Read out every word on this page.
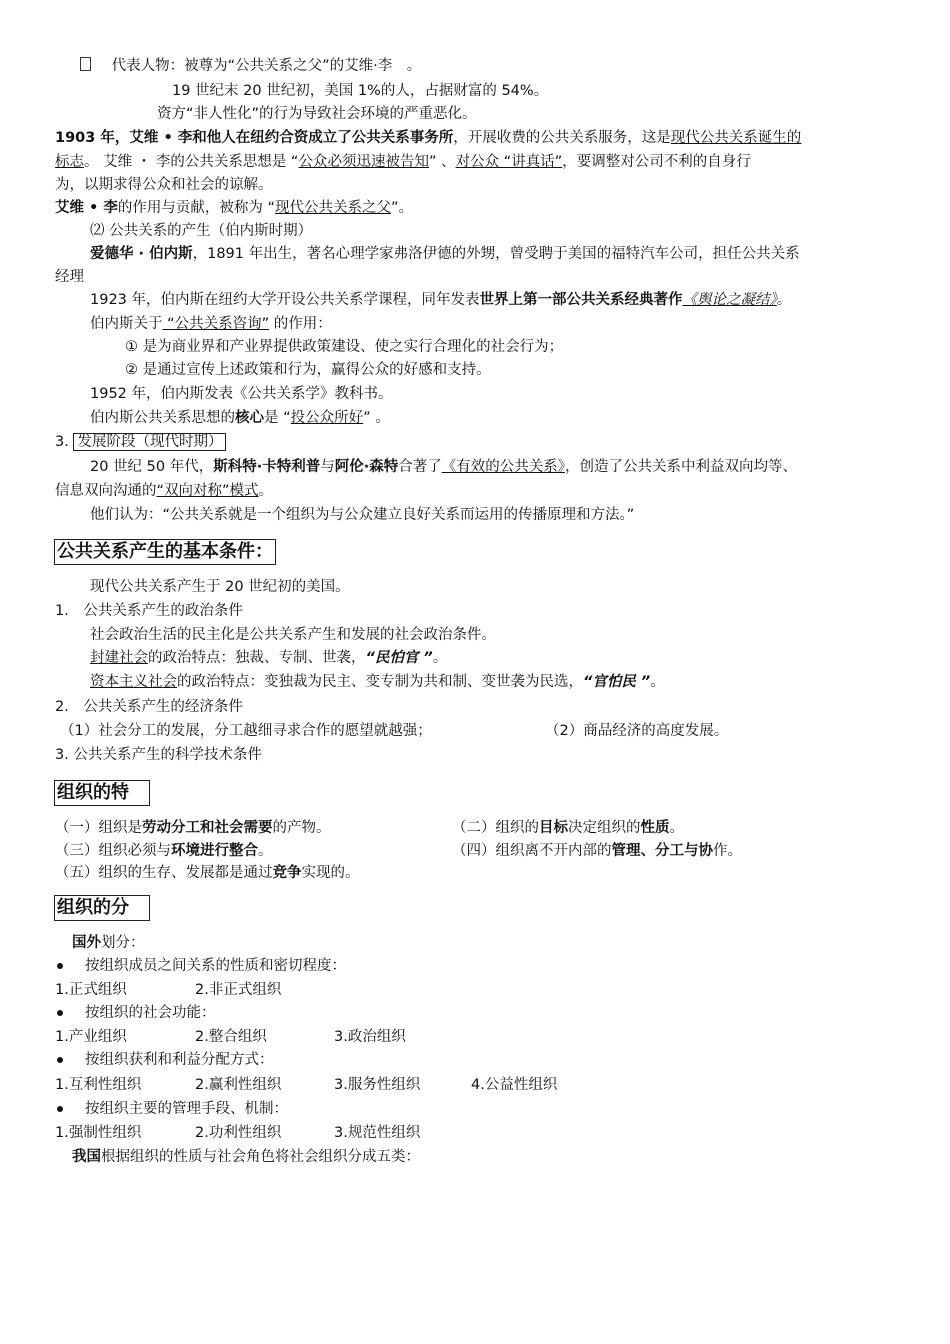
代表人物：被尊为“公共关系之父”的艾维·李　。
19 世纪末 20 世纪初，美国 1%的人，占据财富的 54%。
资方“非人性化”的行为导致社会环境的严重恶化。
1903 年，艾维 • 李和他人在纽约合资成立了公共关系事务所，开展收费的公共关系服务，这是现代公共关系诞生的
标志。 艾维 ・ 李的公共关系思想是 “公众必须迅速被告知” 、对公众 “讲真话”，要调整对公司不利的自身行
为，以期求得公众和社会的谅解。
艾维 • 李的作用与贡献，被称为 “现代公共关系之父”。
⑵ 公共关系的产生（伯内斯时期）
爱德华 · 伯内斯，1891 年出生，著名心理学家弗洛伊德的外甥，曾受聘于美国的福特汽车公司，担任公共关系
经理
1923 年，伯内斯在纽约大学开设公共关系学课程，同年发表世界上第一部公共关系经典著作《舆论之凝结》。
伯内斯关于 “公共关系咨询” 的作用：
① 是为商业界和产业界提供政策建设、使之实行合理化的社会行为；
② 是通过宣传上述政策和行为，赢得公众的好感和支持。
1952 年，伯内斯发表《公共关系学》教科书。
伯内斯公共关系思想的核心是 “投公众所好” 。
3. 发展阶段（现代时期）
20 世纪 50 年代，斯科特·卡特利普与阿伦·森特合著了《有效的公共关系》，创造了公共关系中利益双向均等、
信息双向沟通的“双向对称”模式。
他们认为：“公共关系就是一个组织为与公众建立良好关系而运用的传播原理和方法。”
公共关系产生的基本条件：
现代公共关系产生于 20 世纪初的美国。
1.　公共关系产生的政治条件
社会政治生活的民主化是公共关系产生和发展的社会政治条件。
封建社会的政治特点：独裁、专制、世袭，“民怕官 ”。
资本主义社会的政治特点：变独裁为民主、变专制为共和制、变世袭为民选，“官怕民 ”。
2.　公共关系产生的经济条件
（1）社会分工的发展，分工越细寻求合作的愿望就越强；	（2）商品经济的高度发展。
3. 公共关系产生的科学技术条件
组织的特
（一）组织是劳动分工和社会需要的产物。	（二）组织的目标决定组织的性质。
（三）组织必须与环境进行整合。	（四）组织离不开内部的管理、分工与协作。
（五）组织的生存、发展都是通过竞争实现的。
组织的分
国外划分：
按组织成员之间关系的性质和密切程度：
1.正式组织	2.非正式组织
按组织的社会功能：
1.产业组织	2.整合组织	3.政治组织
按组织获利和利益分配方式：
1.互利性组织	2.赢利性组织	3.服务性组织	4.公益性组织
按组织主要的管理手段、机制：
1.强制性组织	2.功利性组织	3.规范性组织
我国根据组织的性质与社会角色将社会组织分成五类：
